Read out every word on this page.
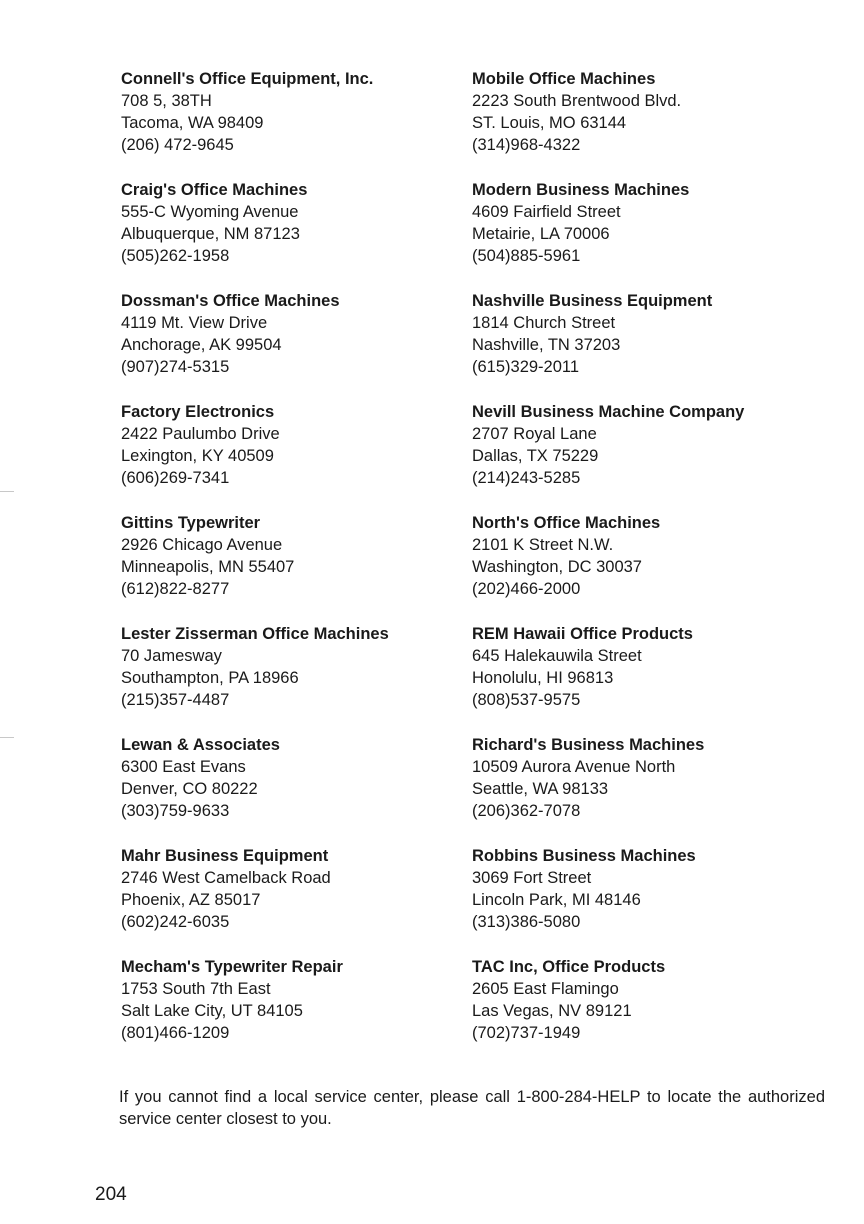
Connell's Office Equipment, Inc.
708 5, 38TH
Tacoma, WA 98409
(206) 472-9645
Craig's Office Machines
555-C Wyoming Avenue
Albuquerque, NM 87123
(505)262-1958
Dossman's Office Machines
4119 Mt. View Drive
Anchorage, AK 99504
(907)274-5315
Factory Electronics
2422 Paulumbo Drive
Lexington, KY 40509
(606)269-7341
Gittins Typewriter
2926 Chicago Avenue
Minneapolis, MN 55407
(612)822-8277
Lester Zisserman Office Machines
70 Jamesway
Southampton, PA 18966
(215)357-4487
Lewan & Associates
6300 East Evans
Denver, CO 80222
(303)759-9633
Mahr Business Equipment
2746 West Camelback Road
Phoenix, AZ 85017
(602)242-6035
Mecham's Typewriter Repair
1753 South 7th East
Salt Lake City, UT 84105
(801)466-1209
Mobile Office Machines
2223 South Brentwood Blvd.
ST. Louis, MO 63144
(314)968-4322
Modern Business Machines
4609 Fairfield Street
Metairie, LA 70006
(504)885-5961
Nashville Business Equipment
1814 Church Street
Nashville, TN 37203
(615)329-2011
Nevill Business Machine Company
2707 Royal Lane
Dallas, TX 75229
(214)243-5285
North's Office Machines
2101 K Street N.W.
Washington, DC 30037
(202)466-2000
REM Hawaii Office Products
645 Halekauwila Street
Honolulu, HI 96813
(808)537-9575
Richard's Business Machines
10509 Aurora Avenue North
Seattle, WA 98133
(206)362-7078
Robbins Business Machines
3069 Fort Street
Lincoln Park, MI 48146
(313)386-5080
TAC Inc, Office Products
2605 East Flamingo
Las Vegas, NV 89121
(702)737-1949

If you cannot find a local service center, please call 1-800-284-HELP to locate the authorized service center closest to you.

204
